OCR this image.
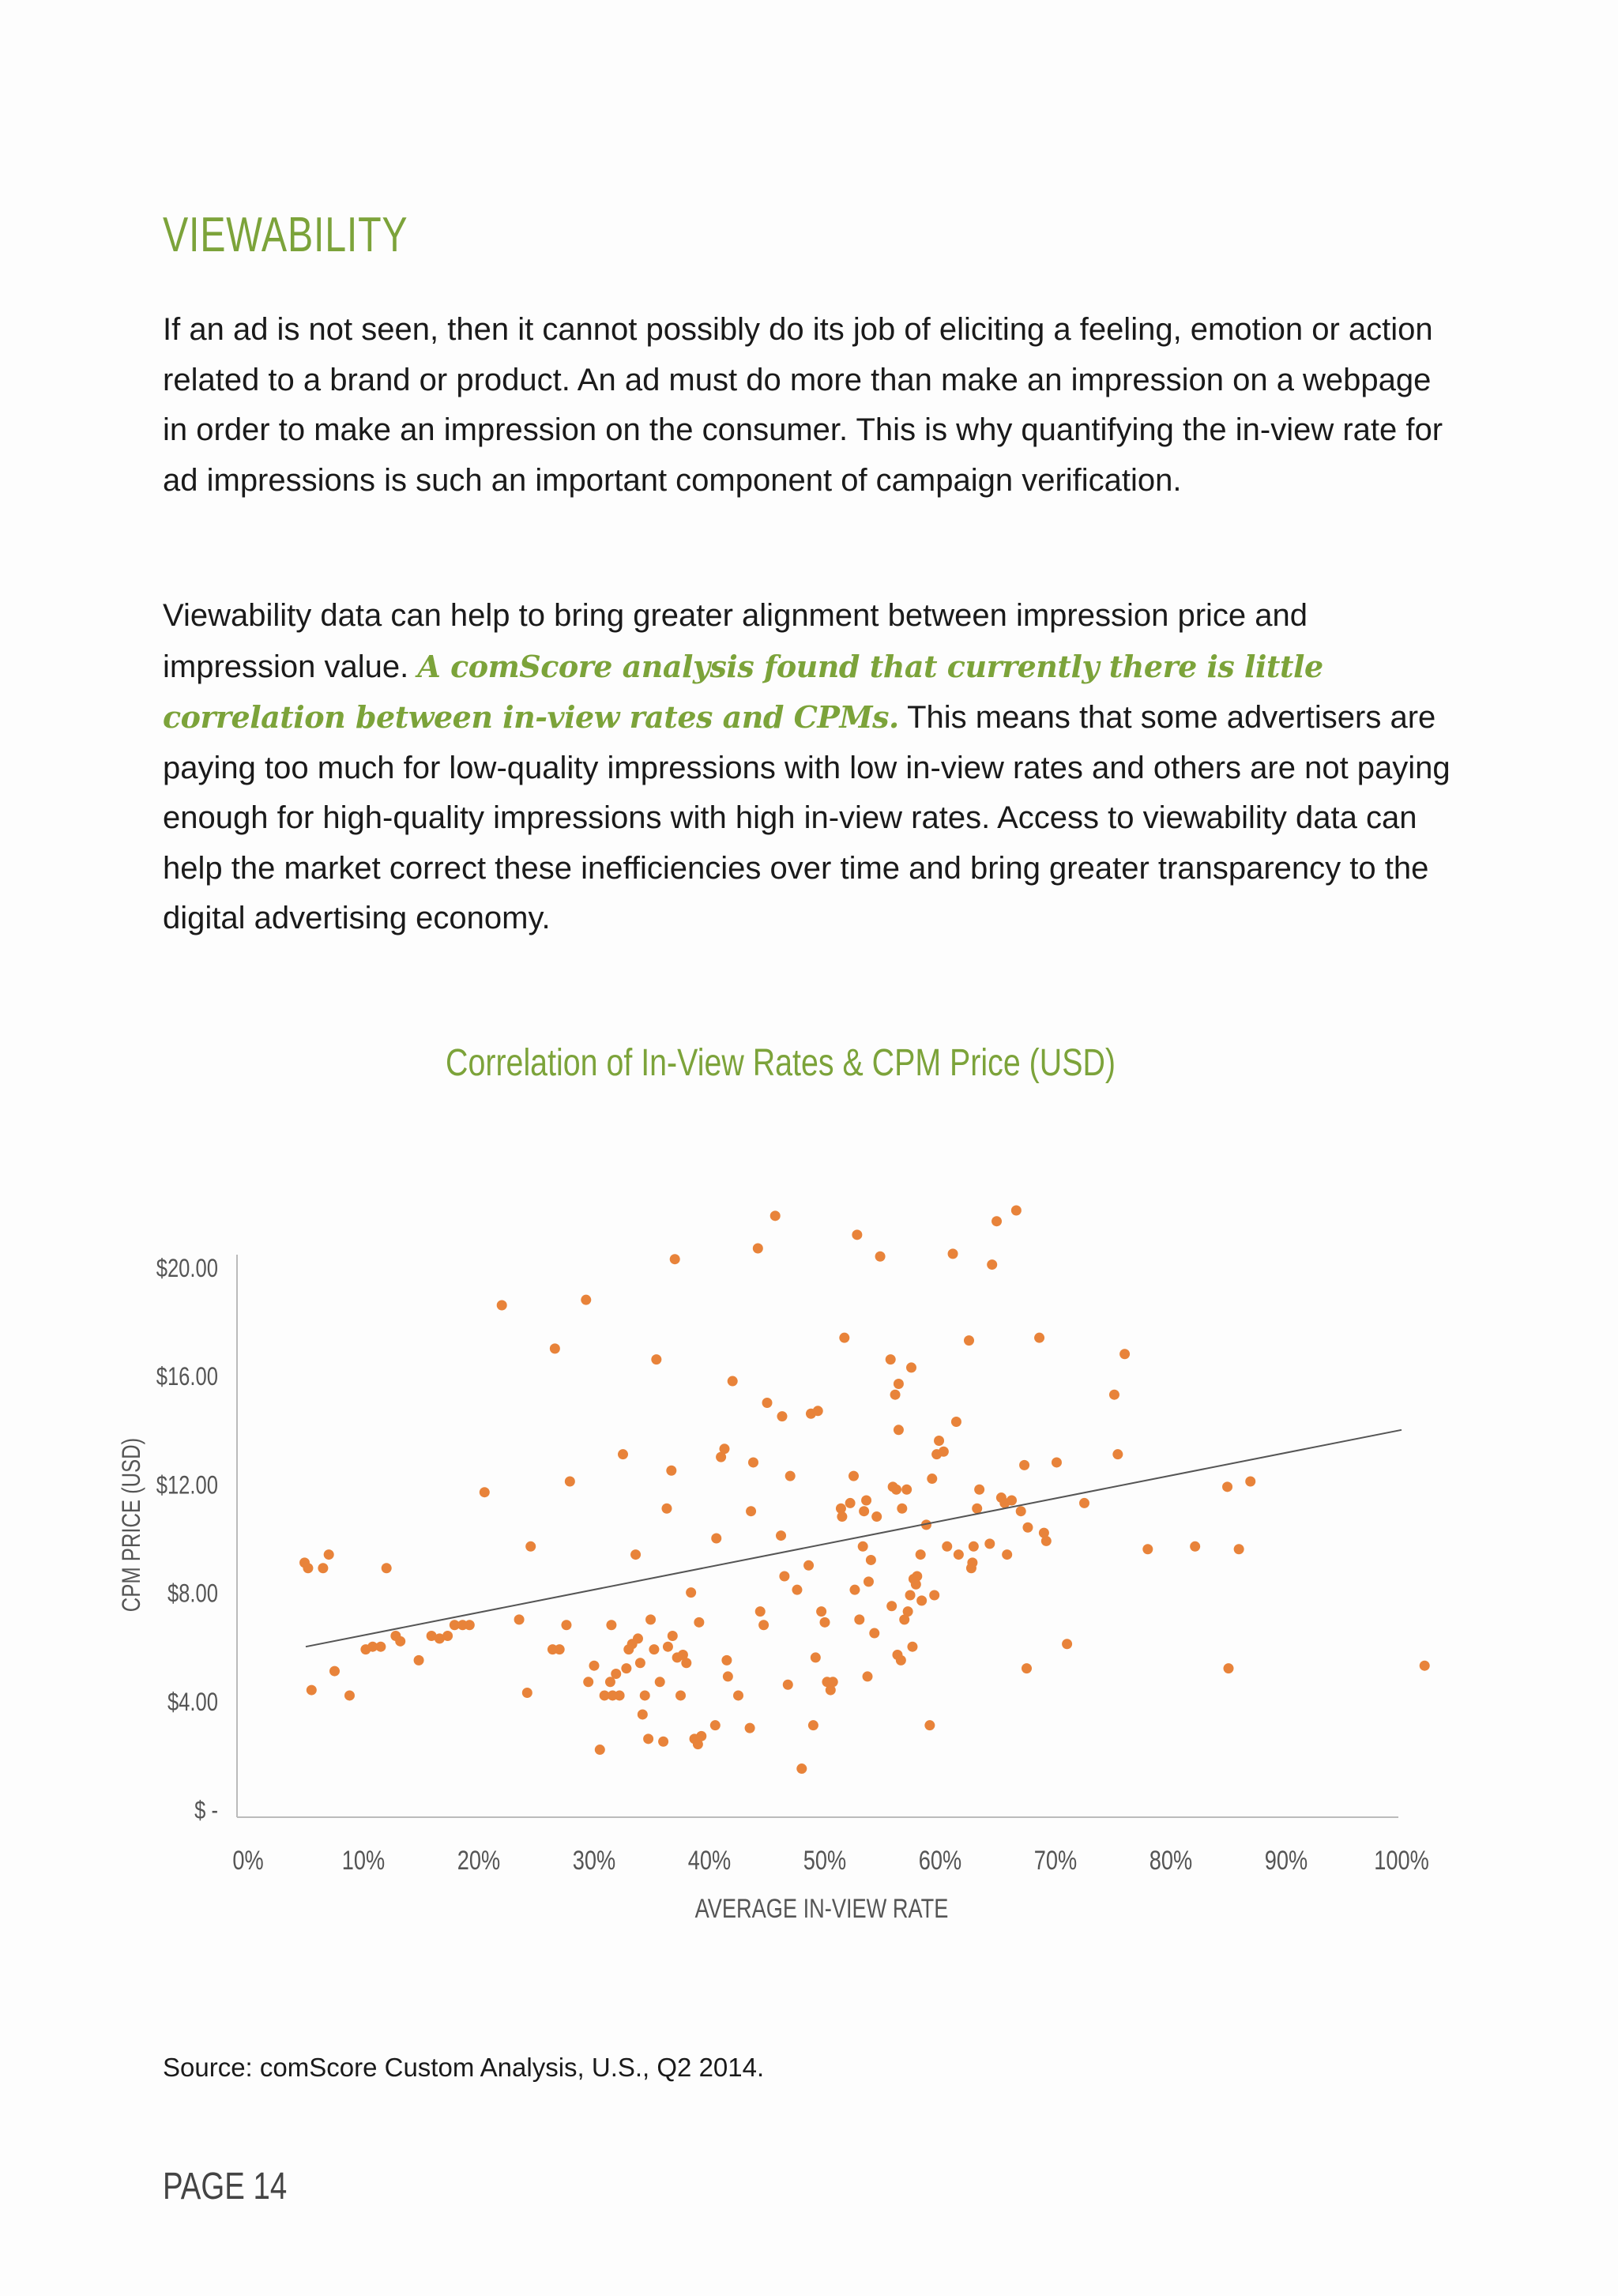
VIEWABILITY

If an ad is not seen, then it cannot possibly do its job of eliciting a feeling, emotion or action related to a brand or product. An ad must do more than make an impression on a webpage in order to make an impression on the consumer. This is why quantifying the in-view rate for ad impressions is such an important component of campaign verification.

Viewability data can help to bring greater alignment between impression price and impression value. A comScore analysis found that currently there is little correlation between in-view rates and CPMs. This means that some advertisers are paying too much for low-quality impressions with low in-view rates and others are not paying enough for high-quality impressions with high in-view rates. Access to viewability data can help the market correct these inefficiencies over time and bring greater transparency to the digital advertising economy.

Correlation of In-View Rates & CPM Price (USD)
$ -
$4.00
$8.00
$12.00
$16.00
$20.00
0%	10%	20%	30%	40%	50%	60%	70%	80%	90% 100%
AVERAGE IN-VIEW RATE
CPM PRICE (USD)

Source: comScore Custom Analysis, U.S., Q2 2014.

PAGE 14
